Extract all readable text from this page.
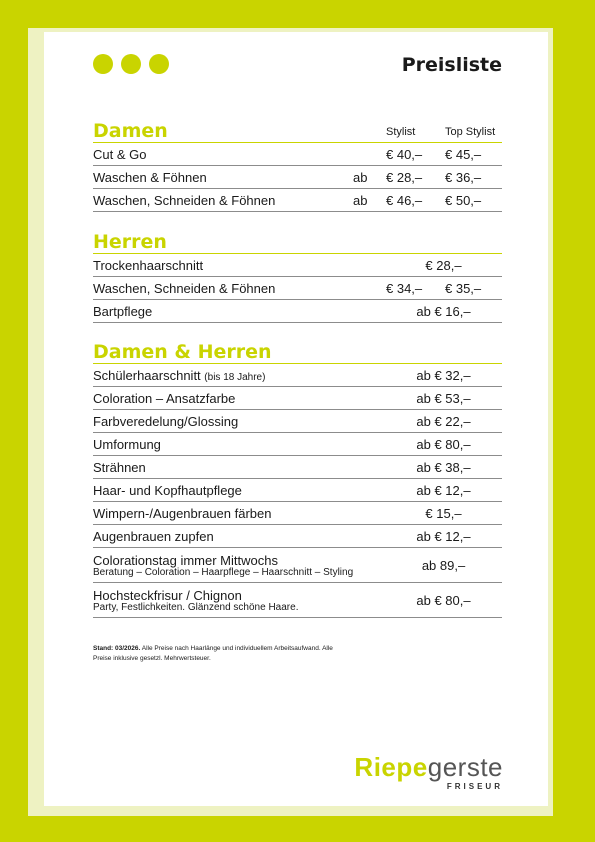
Preisliste
Damen	Stylist	Top Stylist
Cut & Go	€ 40,– € 45,–
Waschen & Föhnen	ab € 28,– € 36,–
Waschen, Schneiden & Föhnen	ab € 46,– € 50,–
Herren
Trockenhaarschnitt	€ 28,–
Waschen, Schneiden & Föhnen	€ 34,– € 35,–
Bartpflege	ab € 16,–
Damen & Herren
Schülerhaarschnitt (bis 18 Jahre)	ab € 32,–
Coloration – Ansatzfarbe	ab € 53,–
Farbveredelung/Glossing	ab € 22,–
Umformung	ab € 80,–
Strähnen	ab € 38,–
Haar- und Kopfhautpflege	ab € 12,–
Wimpern-/Augenbrauen färben	€ 15,–
Augenbrauen zupfen	ab € 12,–
Colorationstag immer Mittwochs
Beratung – Coloration – Haarpflege – Haarschnitt – Styling	ab 89,–
Hochsteckfrisur / Chignon
Party, Festlichkeiten. Glänzend schöne Haare.	ab € 80,–
Stand: 03/2026. Alle Preise nach Haarlänge und individuellem Arbeitsaufwand. Alle Preise inklusive gesetzl. Mehrwertsteuer.
Riepegerste
FRISEUR
